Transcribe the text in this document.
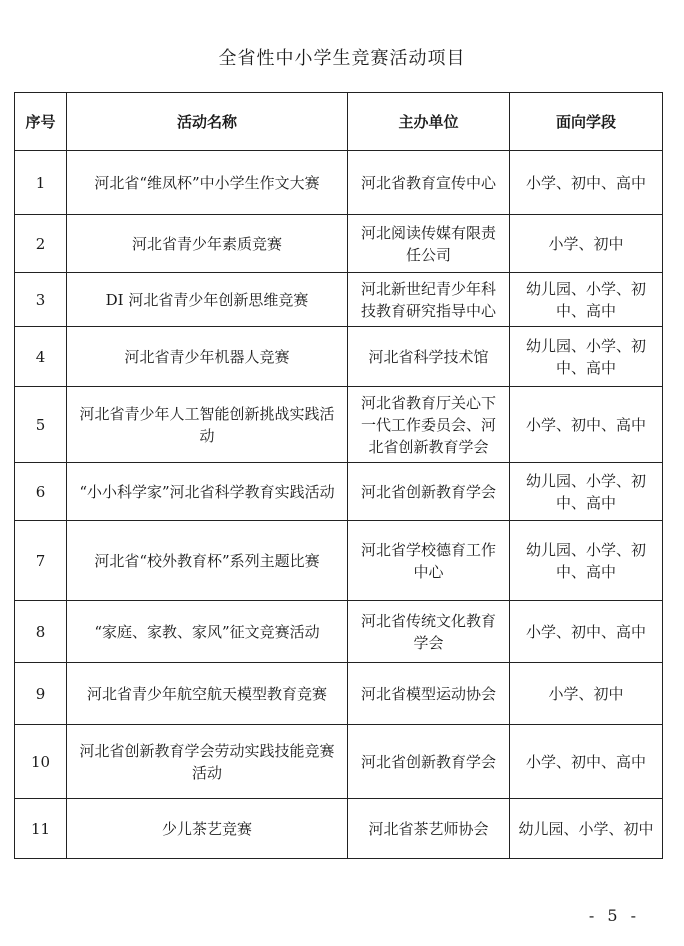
全省性中小学生竞赛活动项目
序号	活动名称	主办单位	面向学段
1	河北省“维凤杯”中小学生作文大赛	河北省教育宣传中心	小学、初中、高中
2	河北省青少年素质竞赛	河北阅读传媒有限责任公司	小学、初中
3	DI 河北省青少年创新思维竞赛	河北新世纪青少年科技教育研究指导中心	幼儿园、小学、初中、高中
4	河北省青少年机器人竞赛	河北省科学技术馆	幼儿园、小学、初中、高中
5	河北省青少年人工智能创新挑战实践活动	河北省教育厅关心下一代工作委员会、河北省创新教育学会	小学、初中、高中
6	“小小科学家”河北省科学教育实践活动	河北省创新教育学会	幼儿园、小学、初中、高中
7	河北省“校外教育杯”系列主题比赛	河北省学校德育工作中心	幼儿园、小学、初中、高中
8	“家庭、家教、家风”征文竞赛活动	河北省传统文化教育学会	小学、初中、高中
9	河北省青少年航空航天模型教育竞赛	河北省模型运动协会	小学、初中
10	河北省创新教育学会劳动实践技能竞赛活动	河北省创新教育学会	小学、初中、高中
11	少儿茶艺竞赛	河北省茶艺师协会	幼儿园、小学、初中
- 5 -
